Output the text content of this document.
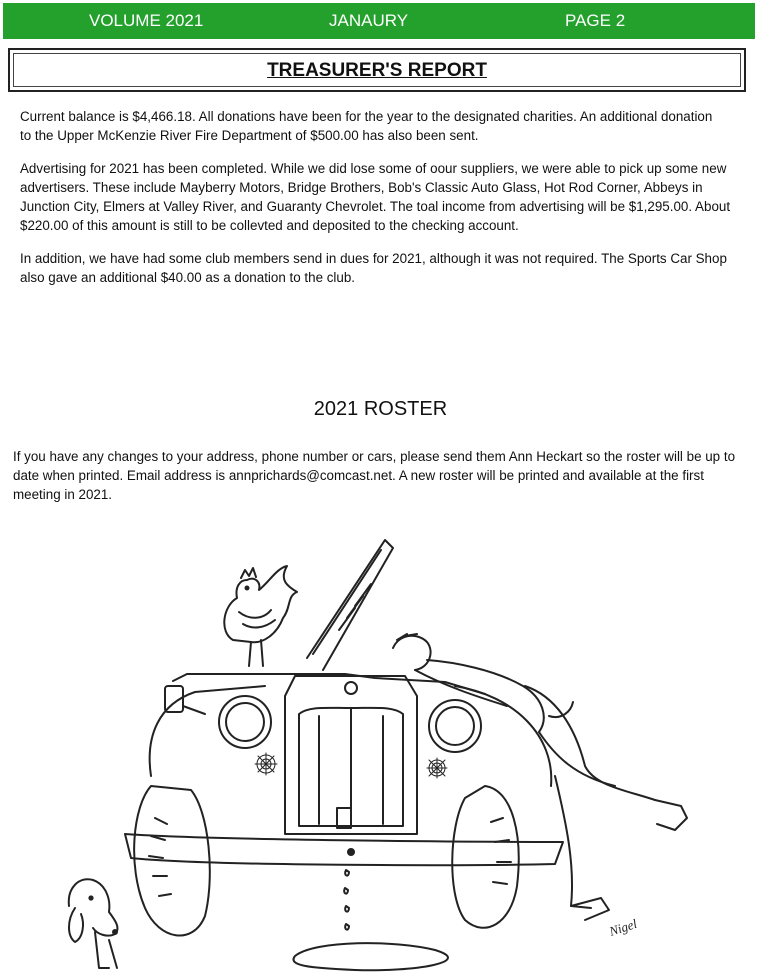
VOLUME 2021	JANAURY	PAGE 2
TREASURER'S REPORT

Current balance is $4,466.18. All donations have been for the year to the designated charities. An additional donation to the Upper McKenzie River Fire Department of $500.00 has also been sent.

Advertising for 2021 has been completed. While we did lose some of oour suppliers, we were able to pick up some new advertisers. These include Mayberry Motors, Bridge Brothers, Bob's Classic Auto Glass, Hot Rod Corner, Abbeys in Junction City, Elmers at Valley River, and Guaranty Chevrolet. The toal income from advertising will be $1,295.00. About $220.00 of this amount is still to be collevted and deposited to the checking account.

In addition, we have had some club members send in dues for 2021, although it was not required. The Sports Car Shop also gave an additional $40.00 as a donation to the club.

2021 ROSTER

If you have any changes to your address, phone number or cars, please send them Ann Heckart so the roster will be up to date when printed. Email address is annprichards@comcast.net. A new roster will be printed and available at the first meeting in 2021.

Nigel
